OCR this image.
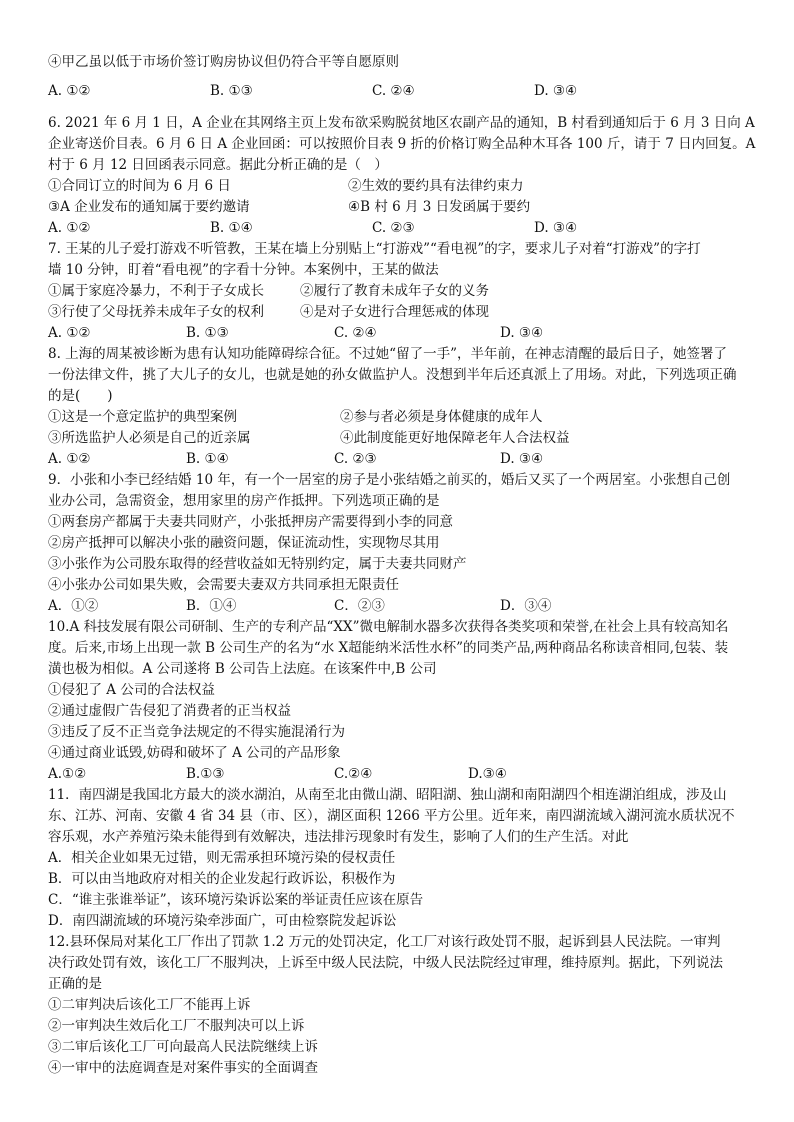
④甲乙虽以低于市场价签订购房协议但仍符合平等自愿原则
A. ①②	B. ①③	C. ②④	D. ③④
6. 2021 年 6 月 1 日，A 企业在其网络主页上发布欲采购脱贫地区农副产品的通知，B 村看到通知后于 6 月 3 日向 A
企业寄送价目表。6 月 6 日 A 企业回函：可以按照价目表 9 折的价格订购全品种木耳各 100 斤，请于 7 日内回复。A
村于 6 月 12 日回函表示同意。据此分析正确的是（　）
①合同订立的时间为 6 月 6 日	②生效的要约具有法律约束力
③A 企业发布的通知属于要约邀请	④B 村 6 月 3 日发函属于要约
A. ①②	B. ①④	C. ②③	D. ③④
7. 王某的儿子爱打游戏不听管教，王某在墙上分别贴上“打游戏”“看电视”的字，要求儿子对着“打游戏”的字打
墙 10 分钟，盯着“看电视”的字看十分钟。本案例中，王某的做法
①属于家庭冷暴力，不利于子女成长	②履行了教育未成年子女的义务
③行使了父母抚养未成年子女的权利	④是对子女进行合理惩戒的体现
A. ①②	B. ①③	C. ②④	D. ③④
8. 上海的周某被诊断为患有认知功能障碍综合征。不过她“留了一手”，半年前，在神志清醒的最后日子，她签署了
一份法律文件，挑了大儿子的女儿，也就是她的孙女做监护人。没想到半年后还真派上了用场。对此，下列选项正确
的是(　　)
①这是一个意定监护的典型案例	②参与者必须是身体健康的成年人
③所选监护人必须是自己的近亲属	④此制度能更好地保障老年人合法权益
A. ①②	B. ①④	C. ②③	D. ③④
9．小张和小李已经结婚 10 年，有一个一居室的房子是小张结婚之前买的，婚后又买了一个两居室。小张想自己创
业办公司，急需资金，想用家里的房产作抵押。下列选项正确的是
①两套房产都属于夫妻共同财产，小张抵押房产需要得到小李的同意
②房产抵押可以解决小张的融资问题，保证流动性，实现物尽其用
③小张作为公司股东取得的经营收益如无特别约定，属于夫妻共同财产
④小张办公司如果失败，会需要夫妻双方共同承担无限责任
A．①②	B．①④	C．②③	D．③④
10.A 科技发展有限公司研制、生产的专利产品“XX”微电解制水器多次获得各类奖项和荣誉,在社会上具有较高知名
度。后来,市场上出现一款 B 公司生产的名为“水 X超能纳米活性水杯”的同类产品,两种商品名称读音相同,包装、装
潢也极为相似。A 公司遂将 B 公司告上法庭。在该案件中,B 公司
①侵犯了 A 公司的合法权益
②通过虚假广告侵犯了消费者的正当权益
③违反了反不正当竞争法规定的不得实施混淆行为
④通过商业诋毁,妨碍和破坏了 A 公司的产品形象
A.①②	B.①③	C.②④	D.③④
11．南四湖是我国北方最大的淡水湖泊，从南至北由微山湖、昭阳湖、独山湖和南阳湖四个相连湖泊组成，涉及山
东、江苏、河南、安徽 4 省 34 县（市、区），湖区面积 1266 平方公里。近年来，南四湖流域入湖河流水质状况不
容乐观，水产养殖污染未能得到有效解决，违法排污现象时有发生，影响了人们的生产生活。对此
A．相关企业如果无过错，则无需承担环境污染的侵权责任
B．可以由当地政府对相关的企业发起行政诉讼，积极作为
C．“谁主张谁举证”，该环境污染诉讼案的举证责任应该在原告
D．南四湖流域的环境污染牵涉面广，可由检察院发起诉讼
12.县环保局对某化工厂作出了罚款 1.2 万元的处罚决定，化工厂对该行政处罚不服，起诉到县人民法院。一审判
决行政处罚有效，该化工厂不服判决，上诉至中级人民法院，中级人民法院经过审理，维持原判。据此，下列说法
正确的是
①二审判决后该化工厂不能再上诉
②一审判决生效后化工厂不服判决可以上诉
③二审后该化工厂可向最高人民法院继续上诉
④一审中的法庭调查是对案件事实的全面调查
